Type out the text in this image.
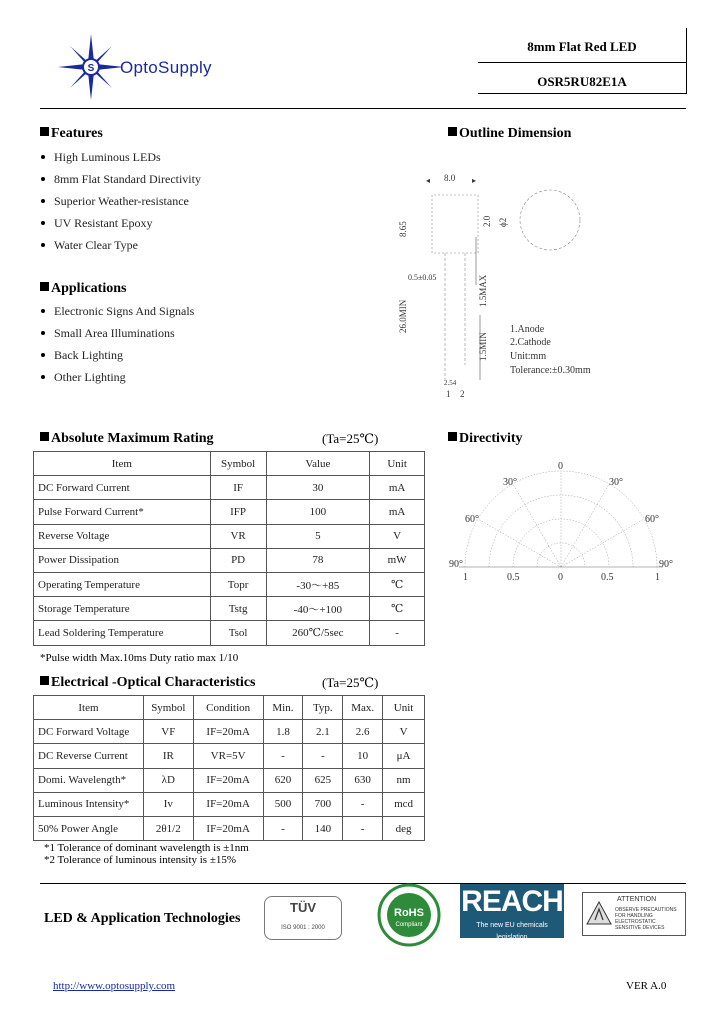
S OptoSupply
8mm Flat Red LED
OSR5RU82E1A
Features
High Luminous LEDs
8mm Flat Standard Directivity
Superior Weather-resistance
UV Resistant Epoxy
Water Clear Type
Applications
Electronic Signs And Signals
Small Area Illuminations
Back Lighting
Other Lighting
Outline Dimension
8.65
26.0MIN
1.5MAX
1.5MIN
2.0 ϕ2
8.0
◂	▸
0.5±0.05
1 2
2.54
1.Anode
2.Cathode
Unit:mm
Tolerance:±0.30mm
Absolute Maximum Rating	(Ta=25℃)
Item	Symbol	Value	Unit
DC Forward Current	IF	30	mA
Pulse Forward Current*	IFP	100	mA
Reverse Voltage	VR	5	V
Power Dissipation	PD	78	mW
Operating Temperature	Topr	-30～+85	℃
Storage Temperature	Tstg	-40～+100	℃
Lead Soldering Temperature	Tsol	260℃/5sec	-
*Pulse width Max.10ms Duty ratio max 1/10
Directivity
0
30°	30°
60°	60°
90°	90°
1	0.5	0	0.5	1
Electrical -Optical Characteristics	(Ta=25℃)
Item	Symbol	Condition	Min.	Typ.	Max.	Unit
DC Forward Voltage	VF	IF=20mA	1.8	2.1	2.6	V
DC Reverse Current	IR	VR=5V	-	-	10	μA
Domi. Wavelength*	λD	IF=20mA	620	625	630	nm
Luminous Intensity*	Iv	IF=20mA	500	700	-	mcd
50% Power Angle	2θ1/2	IF=20mA	-	140	-	deg
*1 Tolerance of dominant wavelength is ±1nm
*2 Tolerance of luminous intensity is ±15%
LED & Application Technologies
TÜV
ISO 9001 : 2000
RoHS
Compliant
REACH
The new EU chemicals legislation
ATTENTION
OBSERVE PRECAUTIONS FOR HANDLING ELECTROSTATIC SENSITIVE DEVICES
http://www.optosupply.com	VER A.0
